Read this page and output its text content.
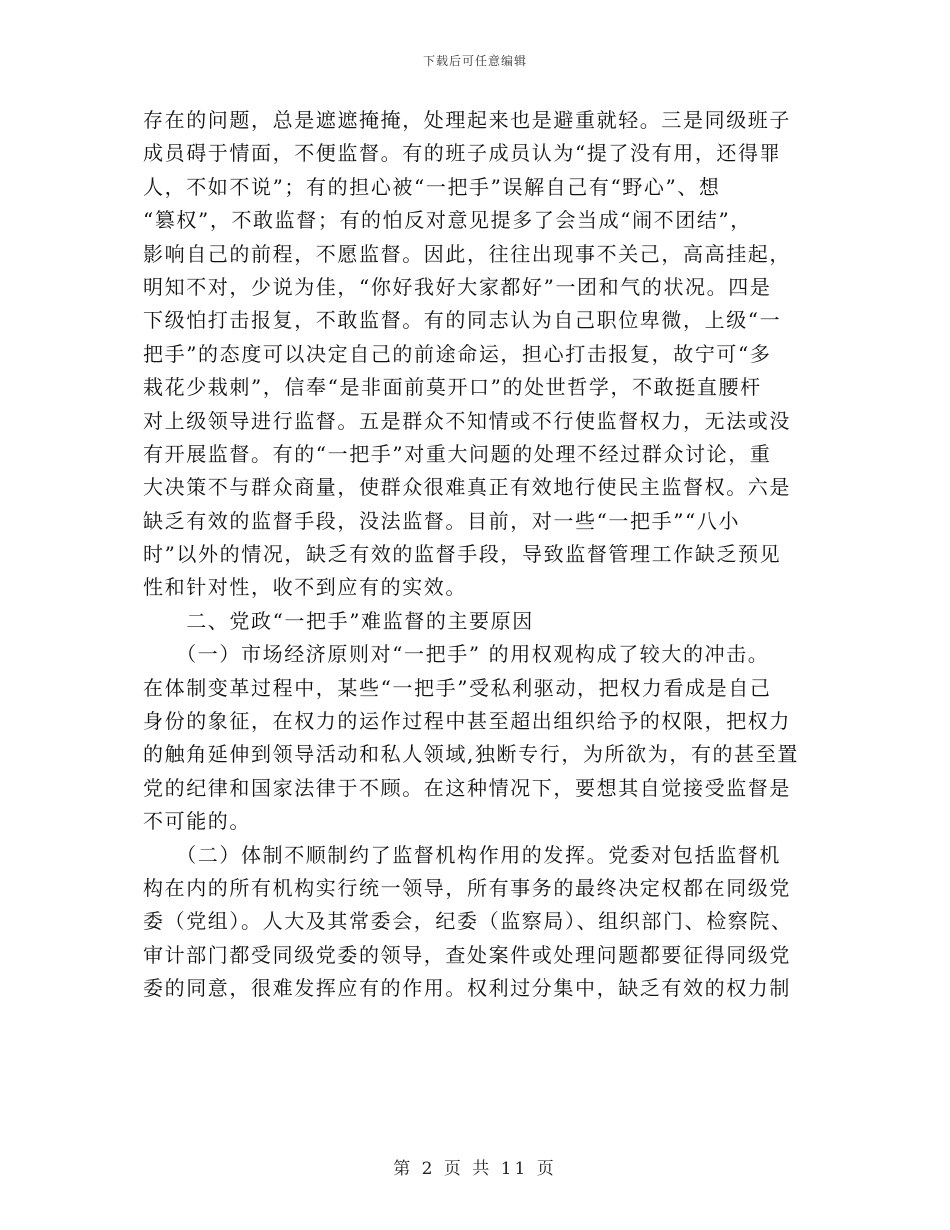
下载后可任意编辑
存在的问题，总是遮遮掩掩，处理起来也是避重就轻。三是同级班子
成员碍于情面，不便监督。有的班子成员认为“提了没有用，还得罪
人，不如不说”；有的担心被“一把手”误解自己有“野心”、想
“篡权”，不敢监督；有的怕反对意见提多了会当成“闹不团结”，
影响自己的前程，不愿监督。因此，往往出现事不关己，高高挂起，
明知不对，少说为佳，“你好我好大家都好”一团和气的状况。四是
下级怕打击报复，不敢监督。有的同志认为自己职位卑微，上级“一
把手”的态度可以决定自己的前途命运，担心打击报复，故宁可“多
栽花少栽刺”，信奉“是非面前莫开口”的处世哲学，不敢挺直腰杆
对上级领导进行监督。五是群众不知情或不行使监督权力，无法或没
有开展监督。有的“一把手”对重大问题的处理不经过群众讨论，重
大决策不与群众商量，使群众很难真正有效地行使民主监督权。六是
缺乏有效的监督手段，没法监督。目前，对一些“一把手”“八小
时”以外的情况，缺乏有效的监督手段，导致监督管理工作缺乏预见
性和针对性，收不到应有的实效。
　　二、党政“一把手”难监督的主要原因
　　（一）市场经济原则对“一把手” 的用权观构成了较大的冲击。
在体制变革过程中，某些“一把手”受私利驱动，把权力看成是自己
身份的象征，在权力的运作过程中甚至超出组织给予的权限，把权力
的触角延伸到领导活动和私人领域,独断专行，为所欲为，有的甚至置
党的纪律和国家法律于不顾。在这种情况下，要想其自觉接受监督是
不可能的。
　　（二）体制不顺制约了监督机构作用的发挥。党委对包括监督机
构在内的所有机构实行统一领导，所有事务的最终决定权都在同级党
委（党组）。人大及其常委会，纪委（监察局）、组织部门、检察院、
审计部门都受同级党委的领导，查处案件或处理问题都要征得同级党
委的同意，很难发挥应有的作用。权利过分集中，缺乏有效的权力制
第 2 页 共 11 页
